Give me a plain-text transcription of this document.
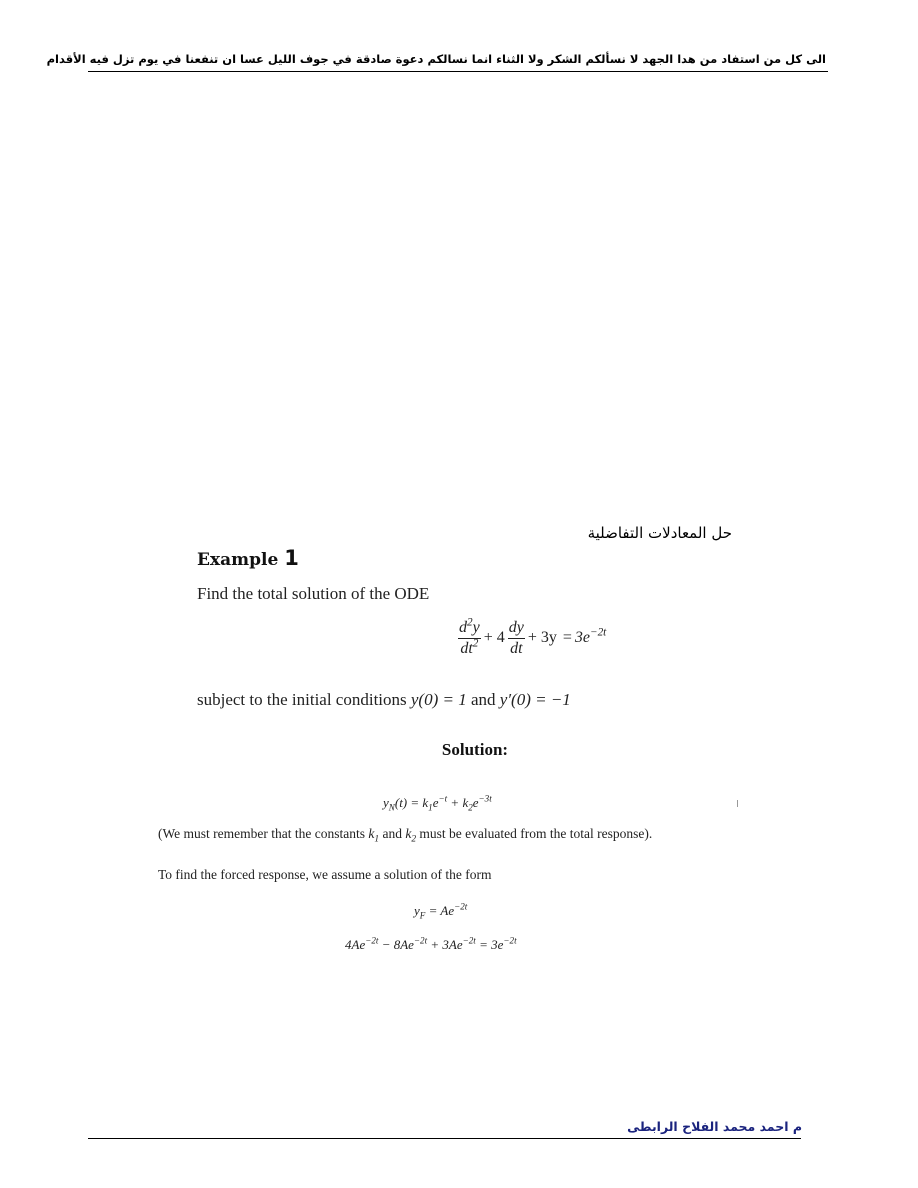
الى كل من استفاد من هدا الجهد لا نسألكم الشكر ولا الثناء انما نسالكم دعوة صادقة في جوف الليل عسا ان تنفعنا في يوم تزل فيه الأقدام
حل المعادلات التفاضلية
Example 1
Find the total solution of the ODE
$\frac{d^2y}{dt^2} + 4 \frac{dy}{dt} + 3y = 3e^{-2t}$
subject to the initial conditions y(0) = 1 and y′(0) = −1
Solution:
$y_N(t) = k_1e^{-t} + k_2e^{-3t}$
(We must remember that the constants $k_1$ and $k_2$ must be evaluated from the total response).
To find the forced response, we assume a solution of the form
$y_F = Ae^{-2t}$
$4Ae^{-2t} - 8Ae^{-2t} + 3Ae^{-2t} = 3e^{-2t}$
م احمد محمد الفلاح الرابطى
